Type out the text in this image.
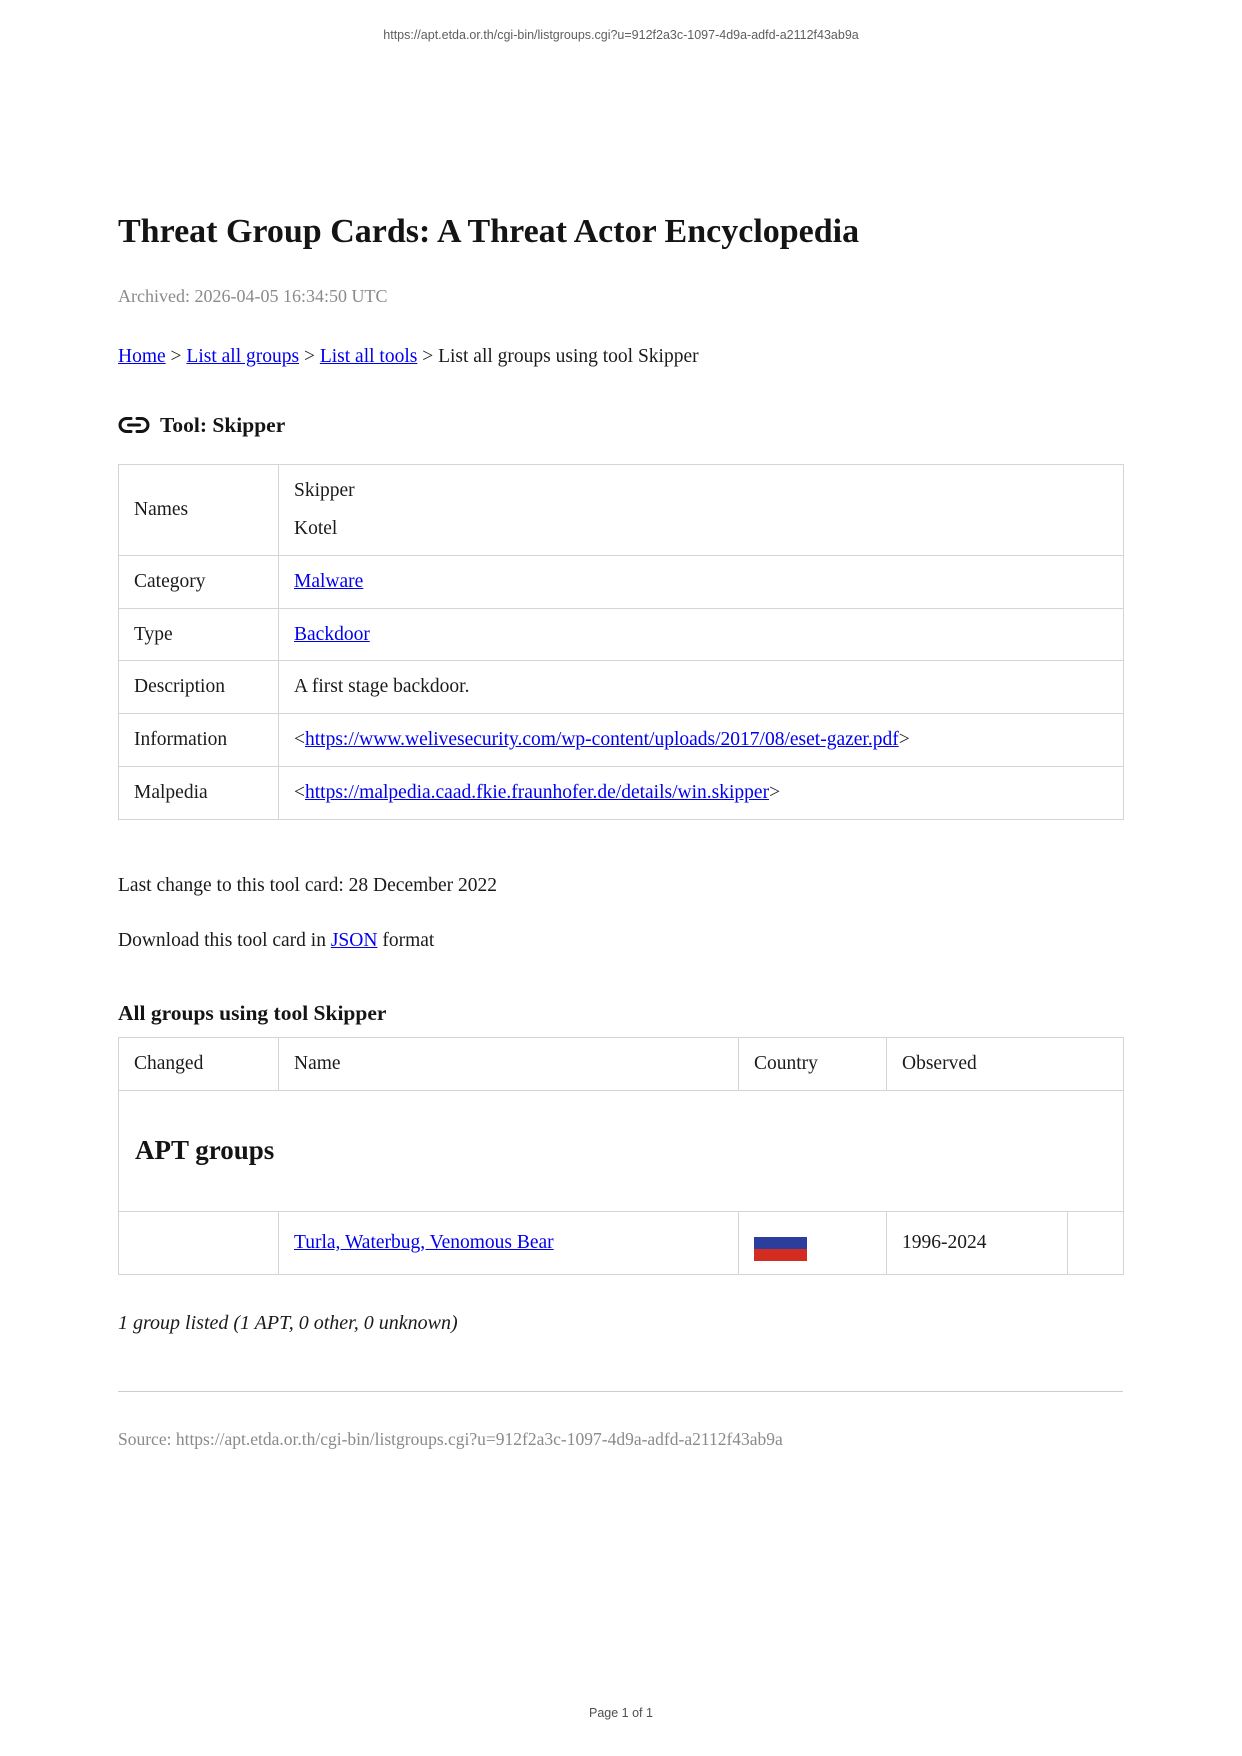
https://apt.etda.or.th/cgi-bin/listgroups.cgi?u=912f2a3c-1097-4d9a-adfd-a2112f43ab9a
Threat Group Cards: A Threat Actor Encyclopedia

Archived: 2026-04-05 16:34:50 UTC

Home > List all groups > List all tools > List all groups using tool Skipper

Tool: Skipper
Names	Skipper

Kotel

Category	Malware
Type	Backdoor
Description	A first stage backdoor.
Information	<https://www.welivesecurity.com/wp-content/uploads/2017/08/eset-gazer.pdf>
Malpedia	<https://malpedia.caad.fkie.fraunhofer.de/details/win.skipper>

Last change to this tool card: 28 December 2022

Download this tool card in JSON format

All groups using tool Skipper
Changed	Name	Country	Observed	
APT groups				
	Turla, Waterbug, Venomous Bear		1996-2024	

1 group listed (1 APT, 0 other, 0 unknown)

Source: https://apt.etda.or.th/cgi-bin/listgroups.cgi?u=912f2a3c-1097-4d9a-adfd-a2112f43ab9a

Page 1 of 1
